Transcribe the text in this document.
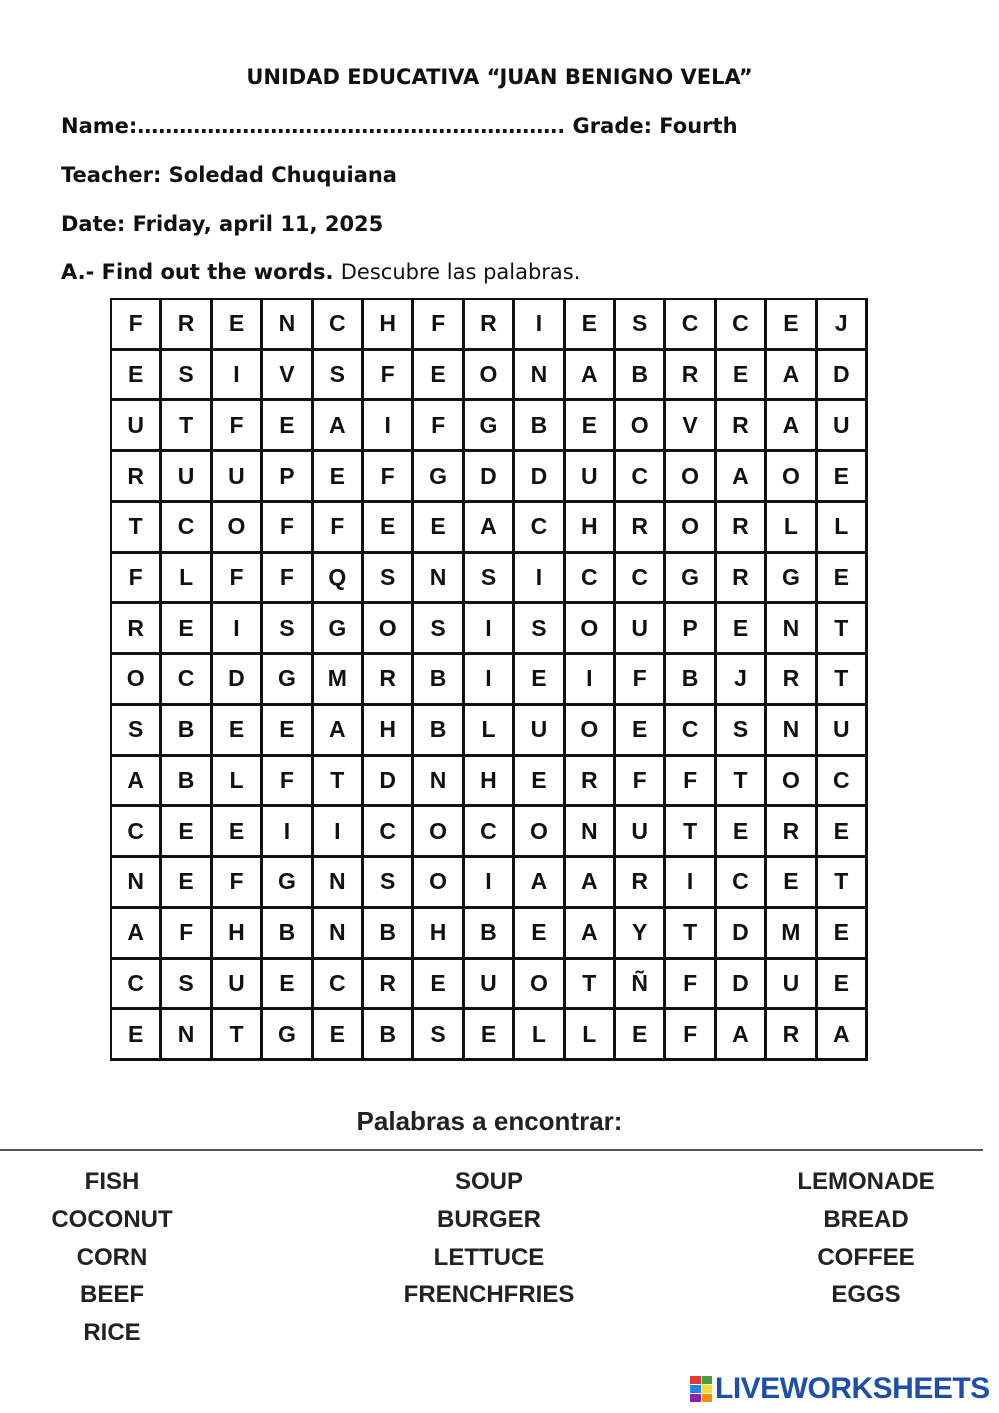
UNIDAD EDUCATIVA “JUAN BENIGNO VELA”
Name:……………………………………………………. Grade: Fourth
Teacher: Soledad Chuquiana
Date: Friday, april 11, 2025
A.- Find out the words. Descubre las palabras.
F	R	E	N	C	H	F	R	I	E	S	C	C	E	J
E	S	I	V	S	F	E	O	N	A	B	R	E	A	D
U	T	F	E	A	I	F	G	B	E	O	V	R	A	U
R	U	U	P	E	F	G	D	D	U	C	O	A	O	E
T	C	O	F	F	E	E	A	C	H	R	O	R	L	L
F	L	F	F	Q	S	N	S	I	C	C	G	R	G	E
R	E	I	S	G	O	S	I	S	O	U	P	E	N	T
O	C	D	G	M	R	B	I	E	I	F	B	J	R	T
S	B	E	E	A	H	B	L	U	O	E	C	S	N	U
A	B	L	F	T	D	N	H	E	R	F	F	T	O	C
C	E	E	I	I	C	O	C	O	N	U	T	E	R	E
N	E	F	G	N	S	O	I	A	A	R	I	C	E	T
A	F	H	B	N	B	H	B	E	A	Y	T	D	M	E
C	S	U	E	C	R	E	U	O	T	Ñ	F	D	U	E
E	N	T	G	E	B	S	E	L	L	E	F	A	R	A
Palabras a encontrar:
FISH
COCONUT
CORN
BEEF
RICE
SOUP
BURGER
LETTUCE
FRENCHFRIES
LEMONADE
BREAD
COFFEE
EGGS
LIVEWORKSHEETS
